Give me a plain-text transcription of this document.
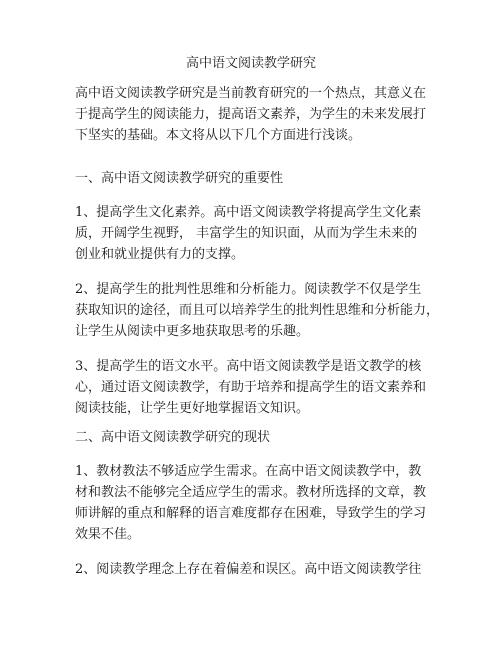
高中语文阅读教学研究
高中语文阅读教学研究是当前教育研究的一个热点，其意义在
于提高学生的阅读能力，提高语文素养，为学生的未来发展打
下坚实的基础。本文将从以下几个方面进行浅谈。
一、高中语文阅读教学研究的重要性
1、提高学生文化素养。高中语文阅读教学将提高学生文化素
质，开阔学生视野， 丰富学生的知识面，从而为学生未来的
创业和就业提供有力的支撑。
2、提高学生的批判性思维和分析能力。阅读教学不仅是学生
获取知识的途径，而且可以培养学生的批判性思维和分析能力，
让学生从阅读中更多地获取思考的乐趣。
3、提高学生的语文水平。高中语文阅读教学是语文教学的核
心，通过语文阅读教学，有助于培养和提高学生的语文素养和
阅读技能，让学生更好地掌握语文知识。
二、高中语文阅读教学研究的现状
1、教材教法不够适应学生需求。在高中语文阅读教学中，教
材和教法不能够完全适应学生的需求。教材所选择的文章，教
师讲解的重点和解释的语言难度都存在困难，导致学生的学习
效果不佳。
2、阅读教学理念上存在着偏差和误区。高中语文阅读教学往
